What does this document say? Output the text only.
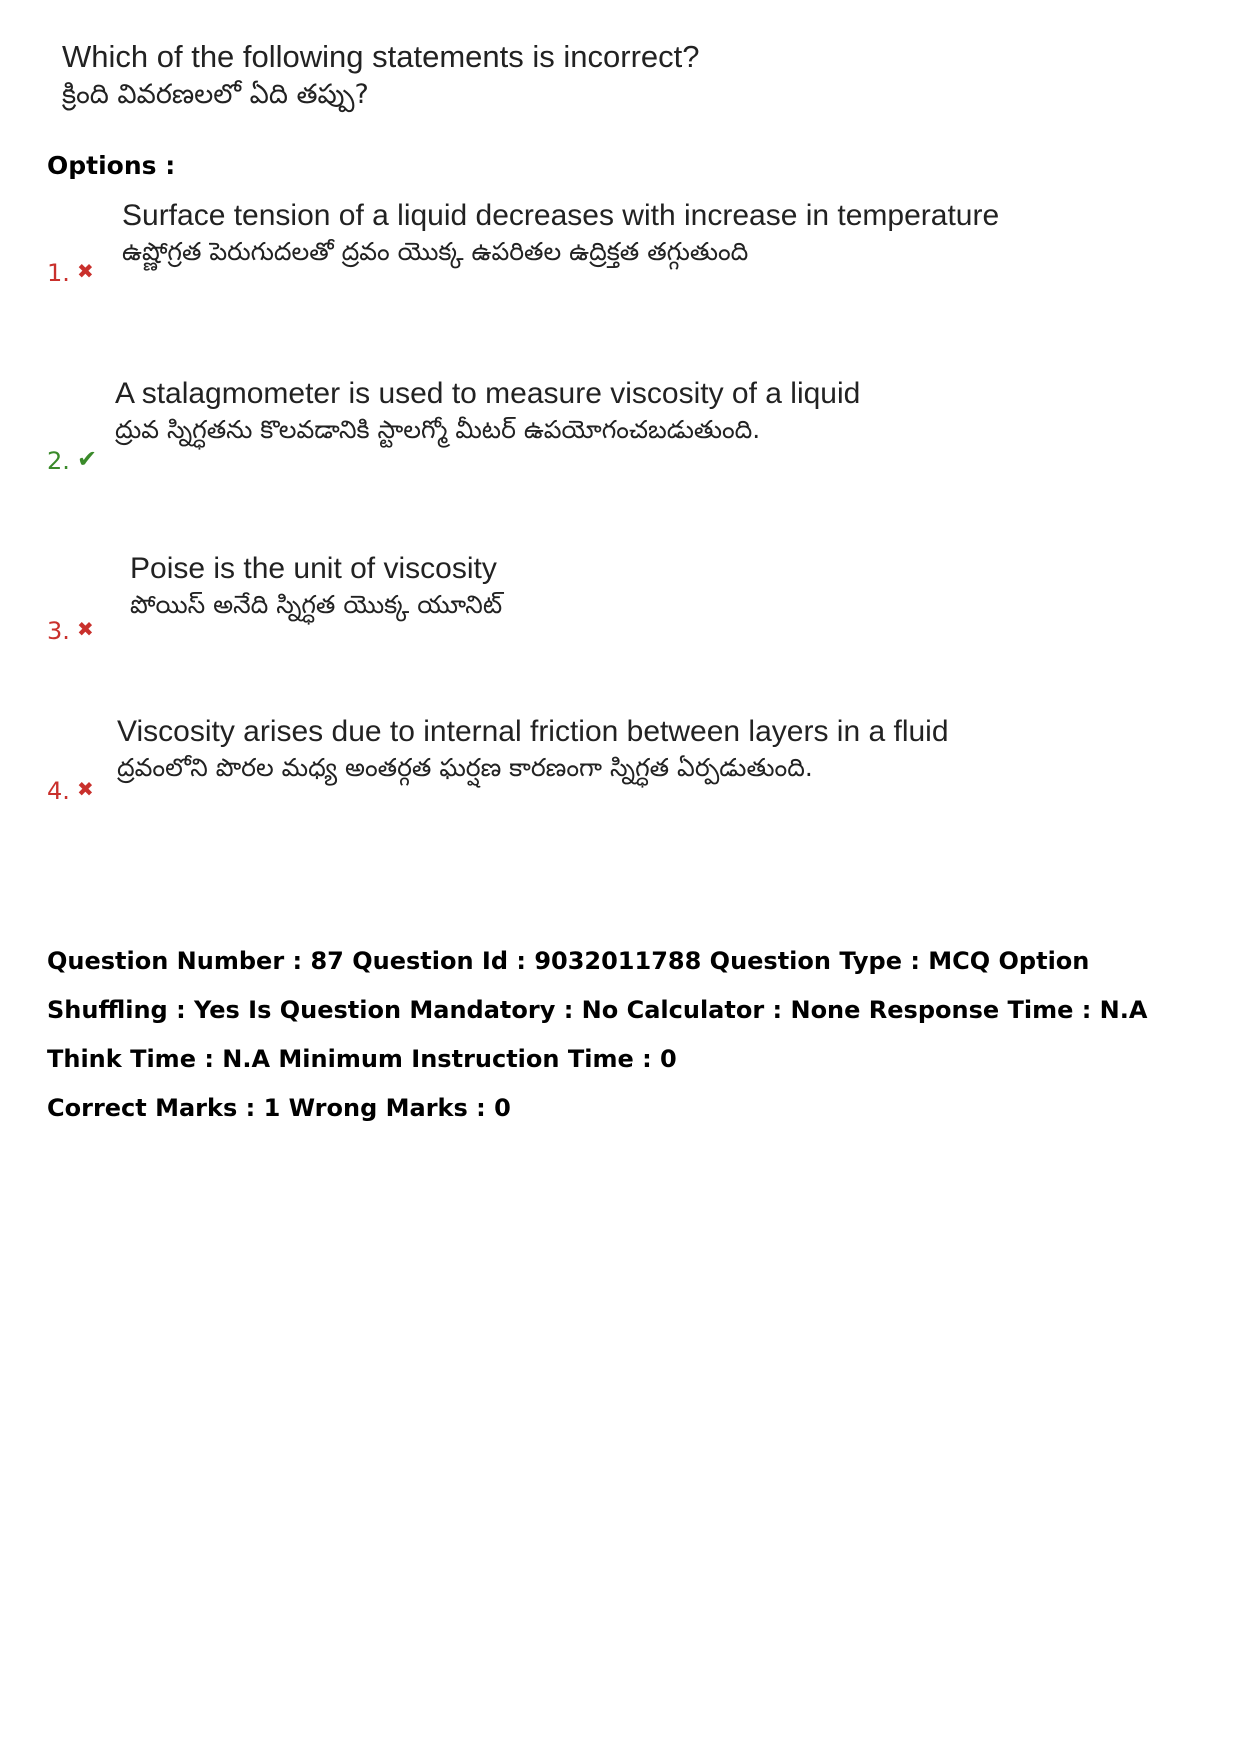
Which of the following statements is incorrect?
క్రింది వివరణలలో ఏది తప్పు?
Options :
1. ✖
Surface tension of a liquid decreases with increase in temperature
ఉష్ణోగ్రత పెరుగుదలతో ద్రవం యొక్క ఉపరితల ఉద్రిక్తత తగ్గుతుంది
2. ✔
A stalagmometer is used to measure viscosity of a liquid
ద్రువ స్నిగ్ధతను కొలవడానికి స్టాలగ్మో మీటర్ ఉపయోగంచబడుతుంది.
3. ✖
Poise is the unit of viscosity
పోయిస్ అనేది స్నిగ్ధత యొక్క యూనిట్
4. ✖
Viscosity arises due to internal friction between layers in a fluid
ద్రవంలోని పొరల మధ్య అంతర్గత ఘర్షణ కారణంగా స్నిగ్ధత ఏర్పడుతుంది.
Question Number : 87 Question Id : 9032011788 Question Type : MCQ Option Shuffling : Yes Is Question Mandatory : No Calculator : None Response Time : N.A Think Time : N.A Minimum Instruction Time : 0
Correct Marks : 1 Wrong Marks : 0
